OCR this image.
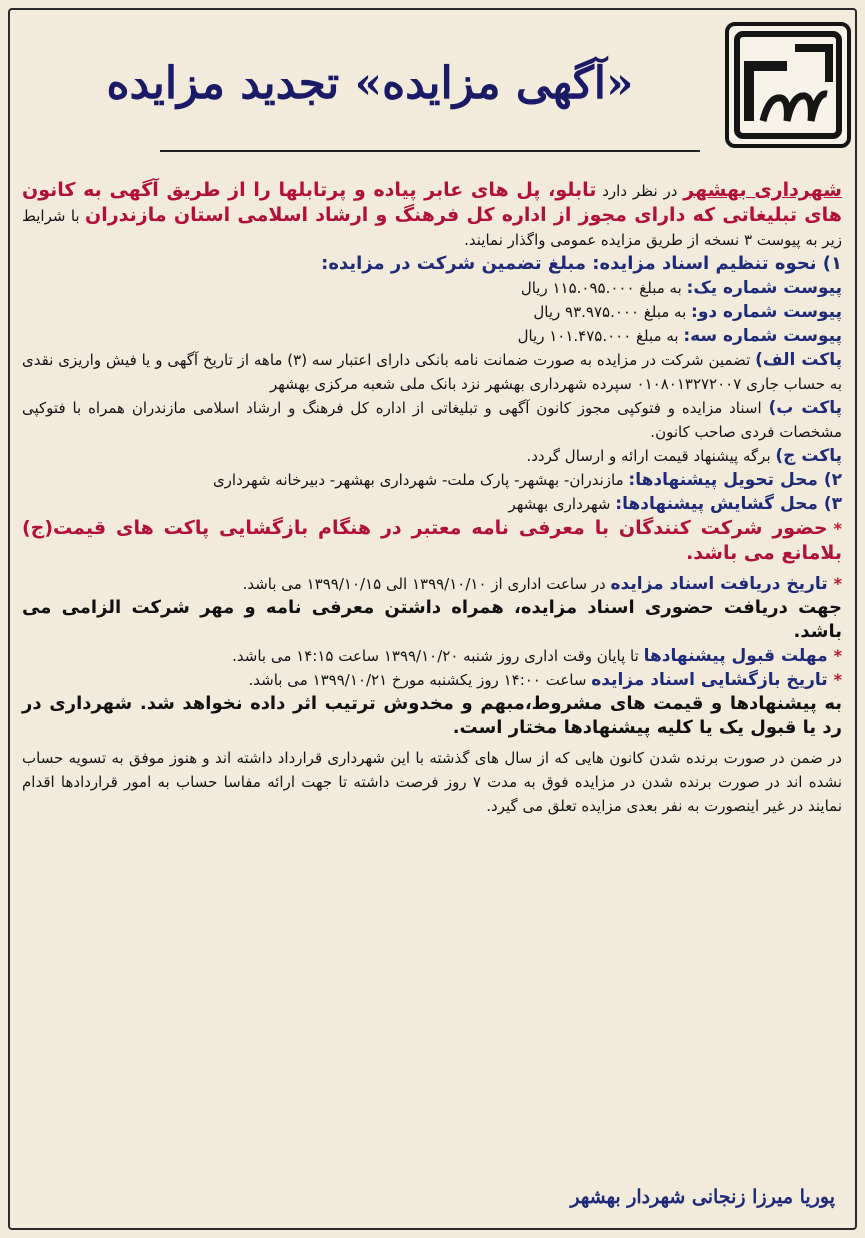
«آگهی مزایده» تجدید مزایده

شهرداری بهشهر در نظر دارد تابلو، پل های عابر پیاده و پرتابلها را از طریق آگهی به کانون های تبلیغاتی که دارای مجوز از اداره کل فرهنگ و ارشاد اسلامی استان مازندران با شرایط زیر به پیوست ۳ نسخه از طریق مزایده عمومی واگذار نمایند.

۱) نحوه تنظیم اسناد مزایده: مبلغ تضمین شرکت در مزایده:

پیوست شماره یک: به مبلغ ۱۱۵.۰۹۵.۰۰۰ ریال

پیوست شماره دو: به مبلغ ۹۳.۹۷۵.۰۰۰ ریال

پیوست شماره سه: به مبلغ ۱۰۱.۴۷۵.۰۰۰ ریال

پاکت الف) تضمین شرکت در مزایده به صورت ضمانت نامه بانکی دارای اعتبار سه (۳) ماهه از تاریخ آگهی و یا فیش واریزی نقدی به حساب جاری ۰۱۰۸۰۱۳۲۷۲۰۰۷ سپرده شهرداری بهشهر نزد بانک ملی شعبه مرکزی بهشهر

پاکت ب) اسناد مزایده و فتوکپی مجوز کانون آگهی و تبلیغاتی از اداره کل فرهنگ و ارشاد اسلامی مازندران همراه با فتوکپی مشخصات فردی صاحب کانون.

پاکت ج) برگه پیشنهاد قیمت ارائه و ارسال گردد.

۲) محل تحویل پیشنهادها: مازندران- بهشهر- پارک ملت- شهرداری بهشهر- دبیرخانه شهرداری

۳) محل گشایش پیشنهادها: شهرداری بهشهر

*حضور شرکت کنندگان با معرفی نامه معتبر در هنگام بازگشایی پاکت های قیمت(ج) بلامانع می باشد.

*تاریخ دریافت اسناد مزایده در ساعت اداری از ۱۳۹۹/۱۰/۱۰ الی ۱۳۹۹/۱۰/۱۵ می باشد.

جهت دریافت حضوری اسناد مزایده، همراه داشتن معرفی نامه و مهر شرکت الزامی می باشد.

*مهلت قبول پیشنهادها تا پایان وقت اداری روز شنبه ۱۳۹۹/۱۰/۲۰ ساعت ۱۴:۱۵ می باشد.

*تاریخ بازگشایی اسناد مزایده ساعت ۱۴:۰۰ روز یکشنبه مورخ ۱۳۹۹/۱۰/۲۱ می باشد.

به پیشنهادها و قیمت های مشروط،مبهم و مخدوش ترتیب اثر داده نخواهد شد. شهرداری در رد یا قبول یک یا کلیه پیشنهادها مختار است.

در ضمن در صورت برنده شدن کانون هایی که از سال های گذشته با این شهرداری قرارداد داشته اند و هنوز موفق به تسویه حساب نشده اند در صورت برنده شدن در مزایده فوق به مدت ۷ روز فرصت داشته تا جهت ارائه مفاسا حساب به امور قراردادها اقدام نمایند در غیر اینصورت به نفر بعدی مزایده تعلق می گیرد.

پوریا میرزا زنجانی شهردار بهشهر
